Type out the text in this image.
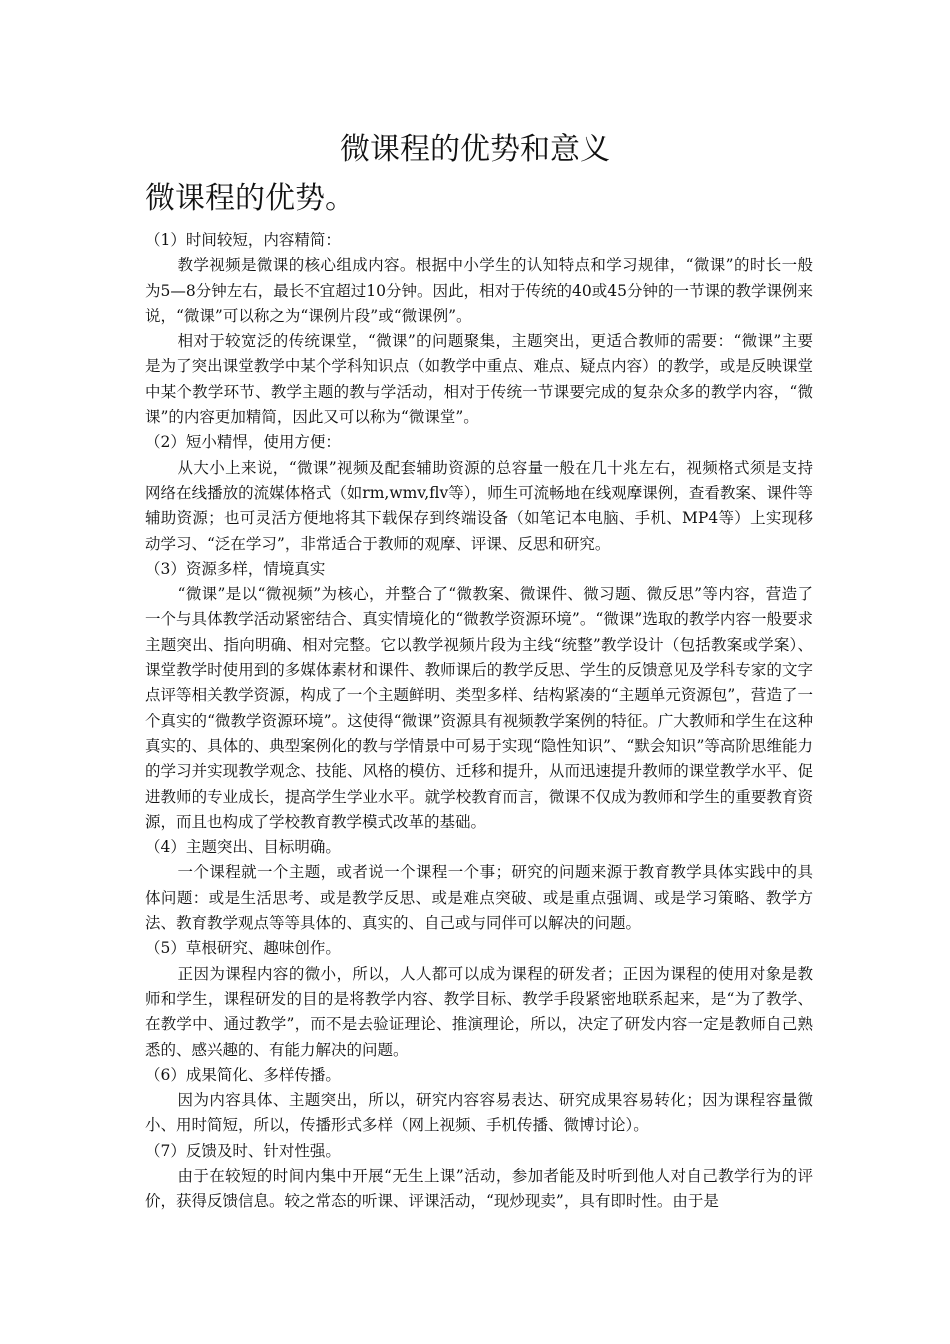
微课程的优势和意义
微课程的优势。

（1）时间较短，内容精简：

教学视频是微课的核心组成内容。根据中小学生的认知特点和学习规律，“微课”的时长一般为5—8分钟左右，最长不宜超过10分钟。因此，相对于传统的40或45分钟的一节课的教学课例来说，“微课”可以称之为“课例片段”或“微课例”。

相对于较宽泛的传统课堂，“微课”的问题聚集，主题突出，更适合教师的需要：“微课”主要是为了突出课堂教学中某个学科知识点（如教学中重点、难点、疑点内容）的教学，或是反映课堂中某个教学环节、教学主题的教与学活动，相对于传统一节课要完成的复杂众多的教学内容，“微课”的内容更加精简，因此又可以称为“微课堂”。

（2）短小精悍，使用方便：

从大小上来说，“微课”视频及配套辅助资源的总容量一般在几十兆左右，视频格式须是支持网络在线播放的流媒体格式（如rm,wmv,flv等），师生可流畅地在线观摩课例，查看教案、课件等辅助资源；也可灵活方便地将其下载保存到终端设备（如笔记本电脑、手机、MP4等）上实现移动学习、“泛在学习”，非常适合于教师的观摩、评课、反思和研究。

（3）资源多样，情境真实

“微课”是以“微视频”为核心，并整合了“微教案、微课件、微习题、微反思”等内容，营造了一个与具体教学活动紧密结合、真实情境化的“微教学资源环境”。“微课”选取的教学内容一般要求主题突出、指向明确、相对完整。它以教学视频片段为主线“统整”教学设计（包括教案或学案）、课堂教学时使用到的多媒体素材和课件、教师课后的教学反思、学生的反馈意见及学科专家的文字点评等相关教学资源，构成了一个主题鲜明、类型多样、结构紧凑的“主题单元资源包”，营造了一个真实的“微教学资源环境”。这使得“微课”资源具有视频教学案例的特征。广大教师和学生在这种真实的、具体的、典型案例化的教与学情景中可易于实现“隐性知识”、“默会知识”等高阶思维能力的学习并实现教学观念、技能、风格的模仿、迁移和提升，从而迅速提升教师的课堂教学水平、促进教师的专业成长，提高学生学业水平。就学校教育而言，微课不仅成为教师和学生的重要教育资源，而且也构成了学校教育教学模式改革的基础。

（4）主题突出、目标明确。

一个课程就一个主题，或者说一个课程一个事；研究的问题来源于教育教学具体实践中的具体问题：或是生活思考、或是教学反思、或是难点突破、或是重点强调、或是学习策略、教学方法、教育教学观点等等具体的、真实的、自己或与同伴可以解决的问题。

（5）草根研究、趣味创作。

正因为课程内容的微小，所以，人人都可以成为课程的研发者；正因为课程的使用对象是教师和学生，课程研发的目的是将教学内容、教学目标、教学手段紧密地联系起来，是“为了教学、在教学中、通过教学”，而不是去验证理论、推演理论，所以，决定了研发内容一定是教师自己熟悉的、感兴趣的、有能力解决的问题。

（6）成果简化、多样传播。

因为内容具体、主题突出，所以，研究内容容易表达、研究成果容易转化；因为课程容量微小、用时简短，所以，传播形式多样（网上视频、手机传播、微博讨论）。

（7）反馈及时、针对性强。

由于在较短的时间内集中开展“无生上课”活动，参加者能及时听到他人对自己教学行为的评价，获得反馈信息。较之常态的听课、评课活动，“现炒现卖”，具有即时性。由于是
